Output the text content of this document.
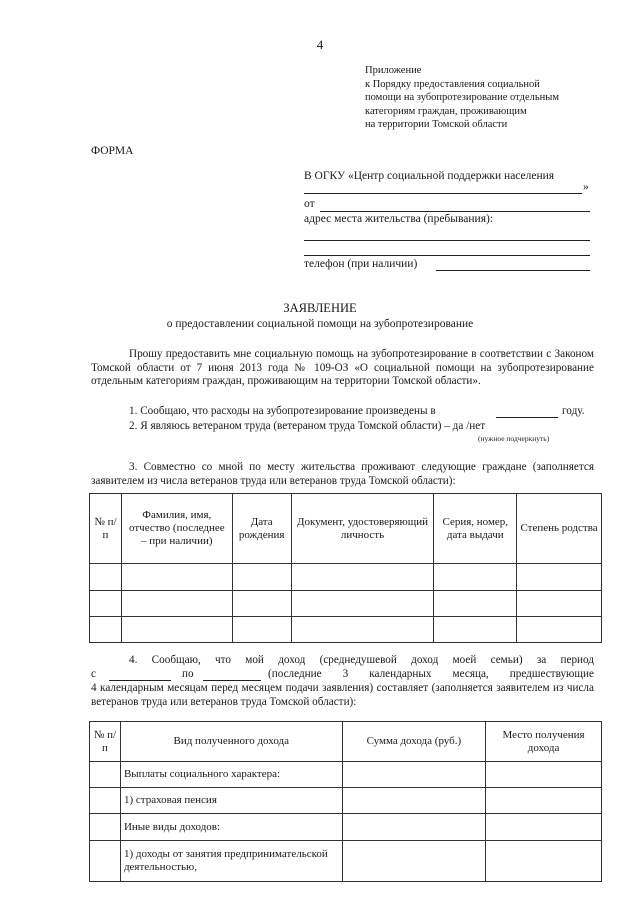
4
Приложение
к Порядку предоставления социальной
помощи на зубопротезирование отдельным
категориям граждан, проживающим
на территории Томской области
ФОРМА
В ОГКУ «Центр социальной поддержки населения
»
от
адрес места жительства (пребывания):
телефон (при наличии)
ЗАЯВЛЕНИЕ
о предоставлении социальной помощи на зубопротезирование
Прошу предоставить мне социальную помощь на зубопротезирование в соответствии с Законом Томской области от 7 июня 2013 года № 109-ОЗ «О социальной помощи на зубопротезирование отдельным категориям граждан, проживающим на территории Томской области».
1. Сообщаю, что расходы на зубопротезирование произведены в	году.
2. Я являюсь ветераном труда (ветераном труда Томской области) – да /нет
(нужное подчеркнуть)
3. Совместно со мной по месту жительства проживают следующие граждане (заполняется заявителем из числа ветеранов труда или ветеранов труда Томской области):
№ п/п	Фамилия, имя, отчество (последнее – при наличии)	Дата рождения	Документ, удостоверяющий личность	Серия, номер, дата выдачи	Степень родства

4. Сообщаю, что мой доход (среднедушевой доход моей семьи) за период
с	по	(последние 3 календарных месяца, предшествующие
4 календарным месяцам перед месяцем подачи заявления) составляет (заполняется заявителем из числа ветеранов труда или ветеранов труда Томской области):
№ п/п	Вид полученного дохода	Сумма дохода (руб.)	Место получения дохода
	Выплаты социального характера:		
	1) страховая пенсия		
	Иные виды доходов:		
	1) доходы от занятия предпринимательской деятельностью,		
